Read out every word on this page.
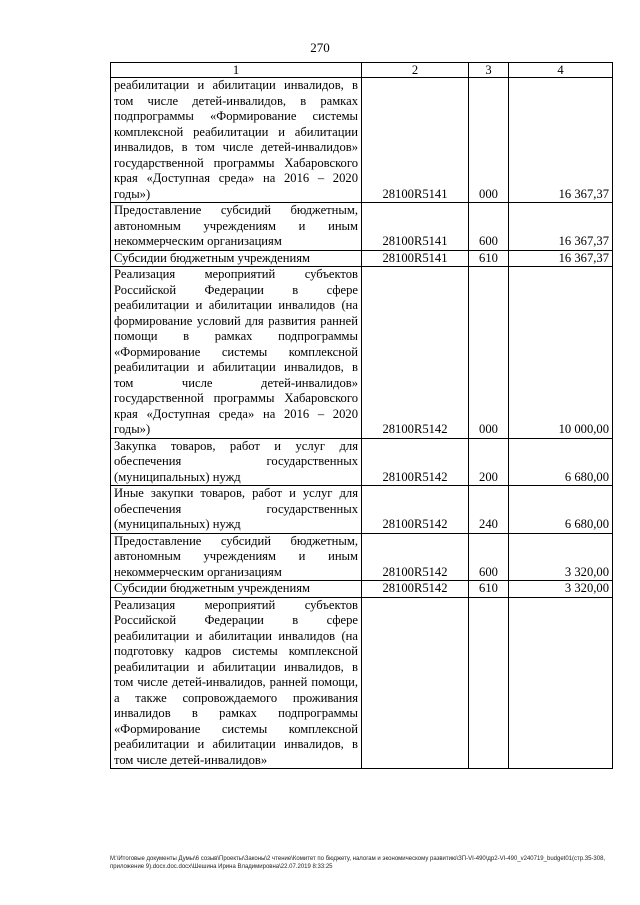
270
1	2	3	4
реабилитации и абилитации инвалидов, в том числе детей-инвалидов, в рамках подпрограммы «Формирование системы комплексной реабилитации и абилитации инвалидов, в том числе детей-инвалидов» государственной программы Хабаровского края «Доступная среда» на 2016 – 2020 годы»)	28100R5141	000	16 367,37
Предоставление субсидий бюджетным, автономным учреждениям и иным некоммерческим организациям	28100R5141	600	16 367,37
Субсидии бюджетным учреждениям	28100R5141	610	16 367,37
Реализация мероприятий субъектов Российской Федерации в сфере реабилитации и абилитации инвалидов (на формирование условий для развития ранней помощи в рамках подпрограммы «Формирование системы комплексной реабилитации и абилитации инвалидов, в том числе детей-инвалидов» государственной программы Хабаровского края «Доступная среда» на 2016 – 2020 годы»)	28100R5142	000	10 000,00
Закупка товаров, работ и услуг для обеспечения государственных (муниципальных) нужд	28100R5142	200	6 680,00
Иные закупки товаров, работ и услуг для обеспечения государственных (муниципальных) нужд	28100R5142	240	6 680,00
Предоставление субсидий бюджетным, автономным учреждениям и иным некоммерческим организациям	28100R5142	600	3 320,00
Субсидии бюджетным учреждениям	28100R5142	610	3 320,00
Реализация мероприятий субъектов Российской Федерации в сфере реабилитации и абилитации инвалидов (на подготовку кадров системы комплексной реабилитации и абилитации инвалидов, в том числе детей-инвалидов, ранней помощи, а также сопровождаемого проживания инвалидов в рамках подпрограммы «Формирование системы комплексной реабилитации и абилитации инвалидов, в том числе детей-инвалидов»			
M:\Итоговые документы Думы\6 созыв\Проекты\Законы\2 чтение\Комитет по бюджету, налогам и экономическому развитию\ЗП-VI-490\др2-VI-490_v240719_budget01(стр.35-308, приложение 9).docx.doc.docx\Шешина Ирина Владимировна\22.07.2019 8:33:25
